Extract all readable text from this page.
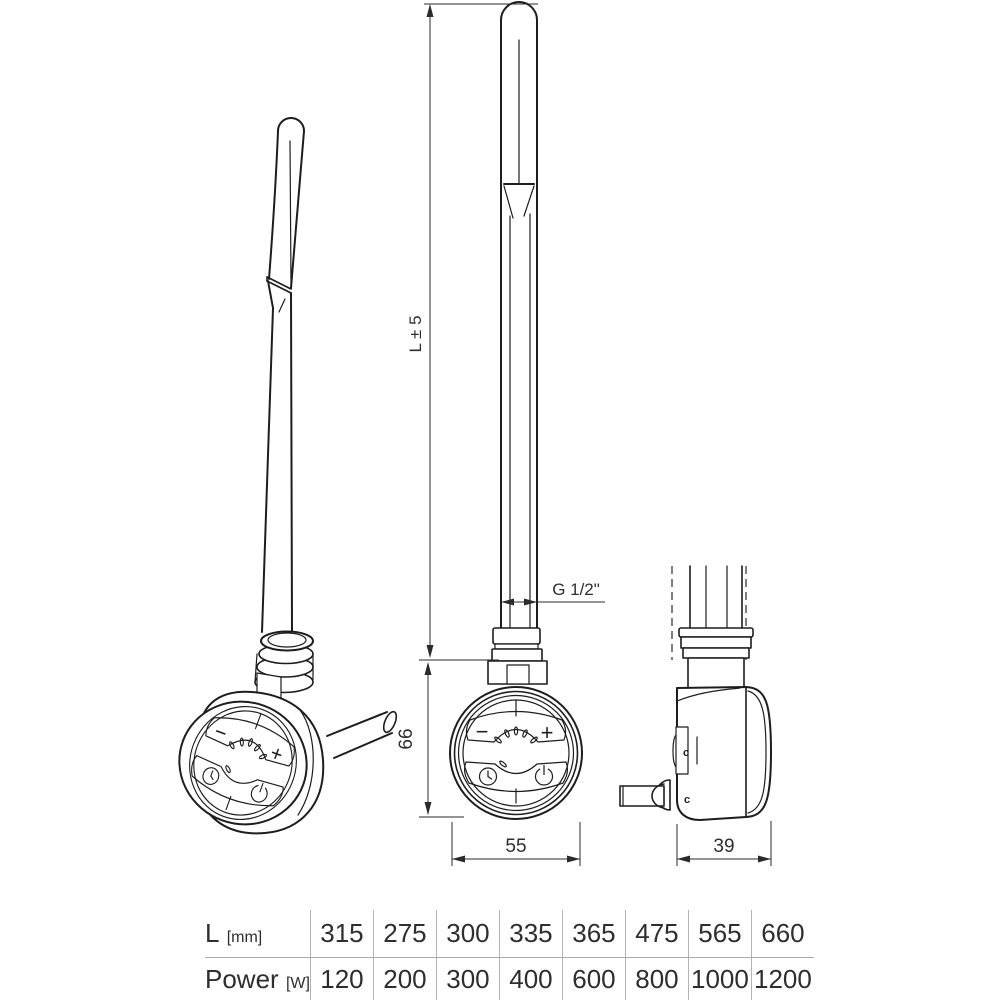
c
c
L ± 5
G 1/2"
66
55	39
L [mm]	315	275	300	335	365	475	565	660
Power [W]	120	200	300	400	600	800	1000	1200
